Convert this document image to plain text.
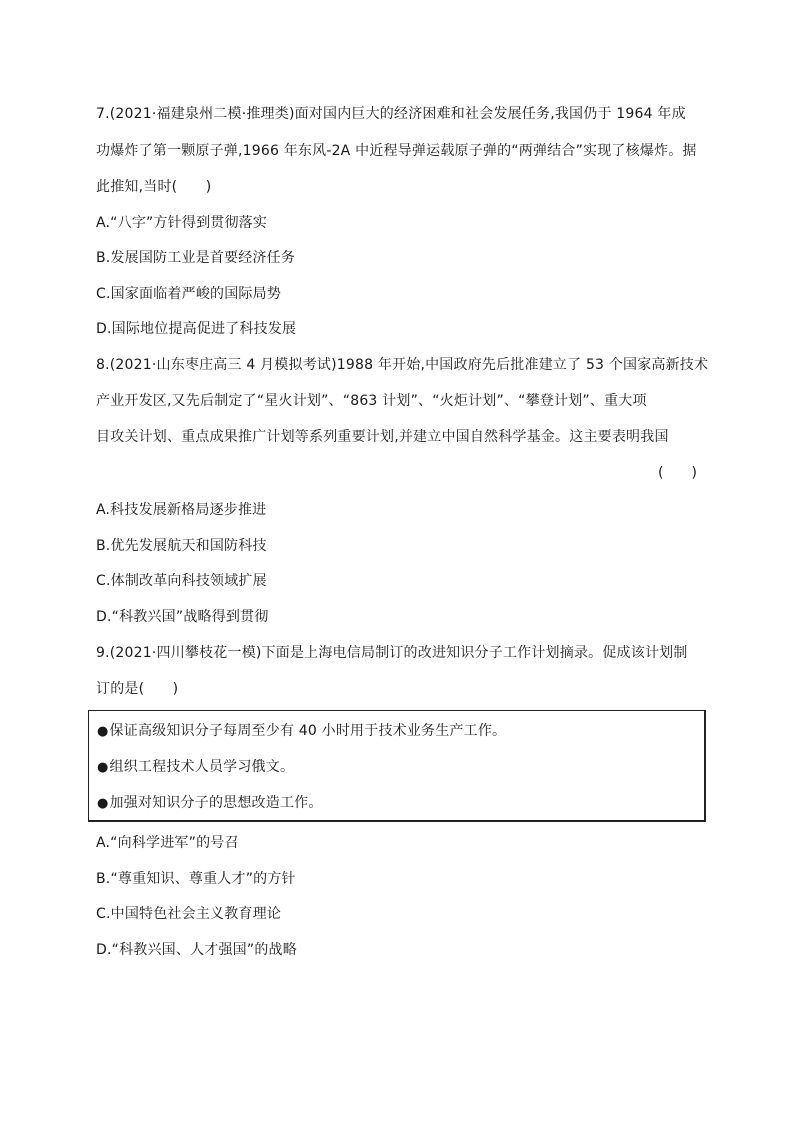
7.(2021·福建泉州二模·推理类)面对国内巨大的经济困难和社会发展任务,我国仍于 1964 年成
功爆炸了第一颗原子弹,1966 年东风-2A 中近程导弹运载原子弹的“两弹结合”实现了核爆炸。据
此推知,当时(　　)
A.“八字”方针得到贯彻落实
B.发展国防工业是首要经济任务
C.国家面临着严峻的国际局势
D.国际地位提高促进了科技发展
8.(2021·山东枣庄高三 4 月模拟考试)1988 年开始,中国政府先后批准建立了 53 个国家高新技术
产业开发区,又先后制定了“星火计划”、“863 计划”、“火炬计划”、“攀登计划”、重大项
目攻关计划、重点成果推广计划等系列重要计划,并建立中国自然科学基金。这主要表明我国
(　　)
A.科技发展新格局逐步推进
B.优先发展航天和国防科技
C.体制改革向科技领域扩展
D.“科教兴国”战略得到贯彻
9.(2021·四川攀枝花一模)下面是上海电信局制订的改进知识分子工作计划摘录。促成该计划制
订的是(　　)
●保证高级知识分子每周至少有 40 小时用于技术业务生产工作。
●组织工程技术人员学习俄文。
●加强对知识分子的思想改造工作。
A.“向科学进军”的号召
B.“尊重知识、尊重人才”的方针
C.中国特色社会主义教育理论
D.“科教兴国、人才强国”的战略
